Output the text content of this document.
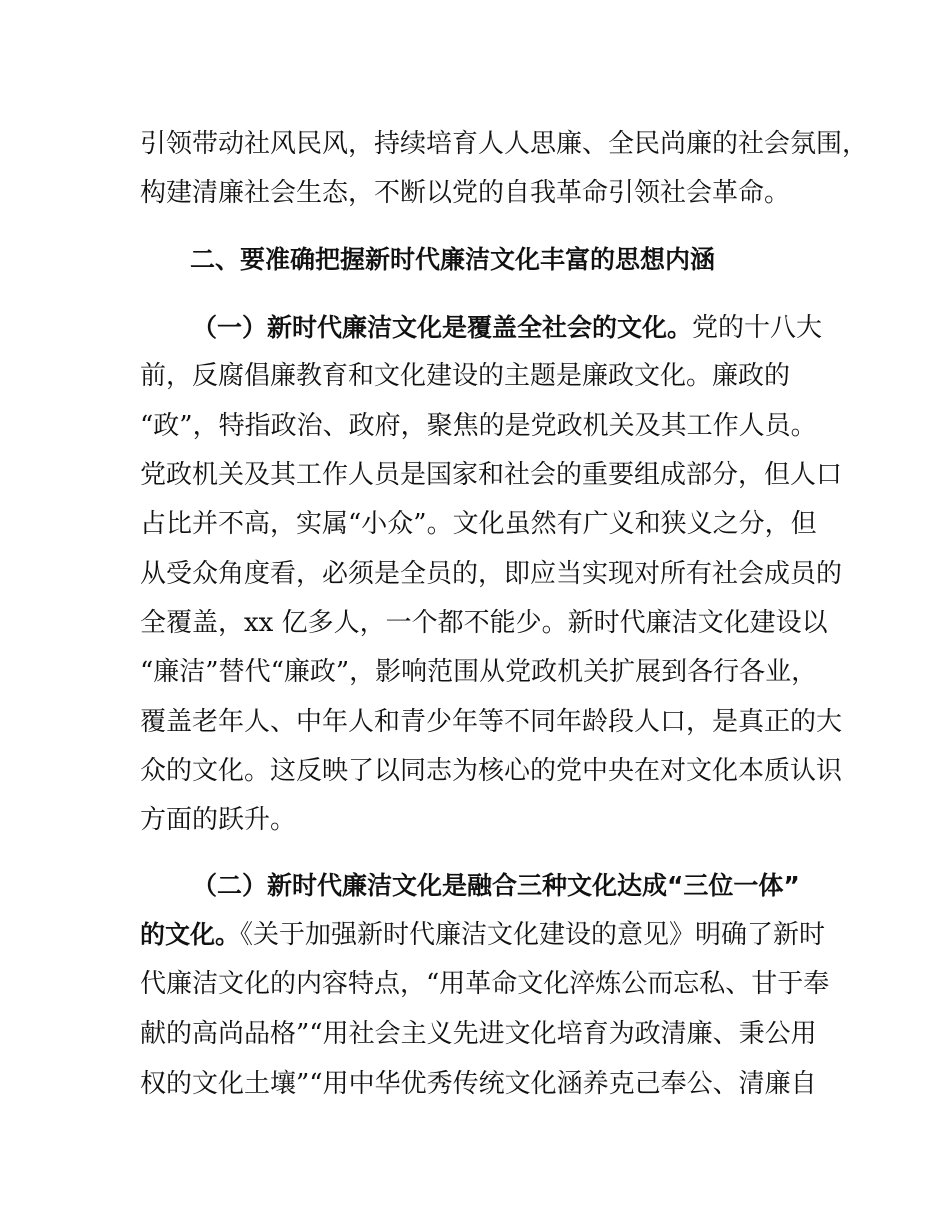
引领带动社风民风，持续培育人人思廉、全民尚廉的社会氛围，
构建清廉社会生态，不断以党的自我革命引领社会革命。
二、要准确把握新时代廉洁文化丰富的思想内涵
（一）新时代廉洁文化是覆盖全社会的文化。党的十八大
前，反腐倡廉教育和文化建设的主题是廉政文化。廉政的
“政”，特指政治、政府，聚焦的是党政机关及其工作人员。
党政机关及其工作人员是国家和社会的重要组成部分，但人口
占比并不高，实属“小众”。文化虽然有广义和狭义之分，但
从受众角度看，必须是全员的，即应当实现对所有社会成员的
全覆盖，xx 亿多人，一个都不能少。新时代廉洁文化建设以
“廉洁”替代“廉政”，影响范围从党政机关扩展到各行各业，
覆盖老年人、中年人和青少年等不同年龄段人口，是真正的大
众的文化。这反映了以同志为核心的党中央在对文化本质认识
方面的跃升。
（二）新时代廉洁文化是融合三种文化达成“三位一体”
的文化。《关于加强新时代廉洁文化建设的意见》明确了新时
代廉洁文化的内容特点，“用革命文化淬炼公而忘私、甘于奉
献的高尚品格”“用社会主义先进文化培育为政清廉、秉公用
权的文化土壤”“用中华优秀传统文化涵养克己奉公、清廉自
